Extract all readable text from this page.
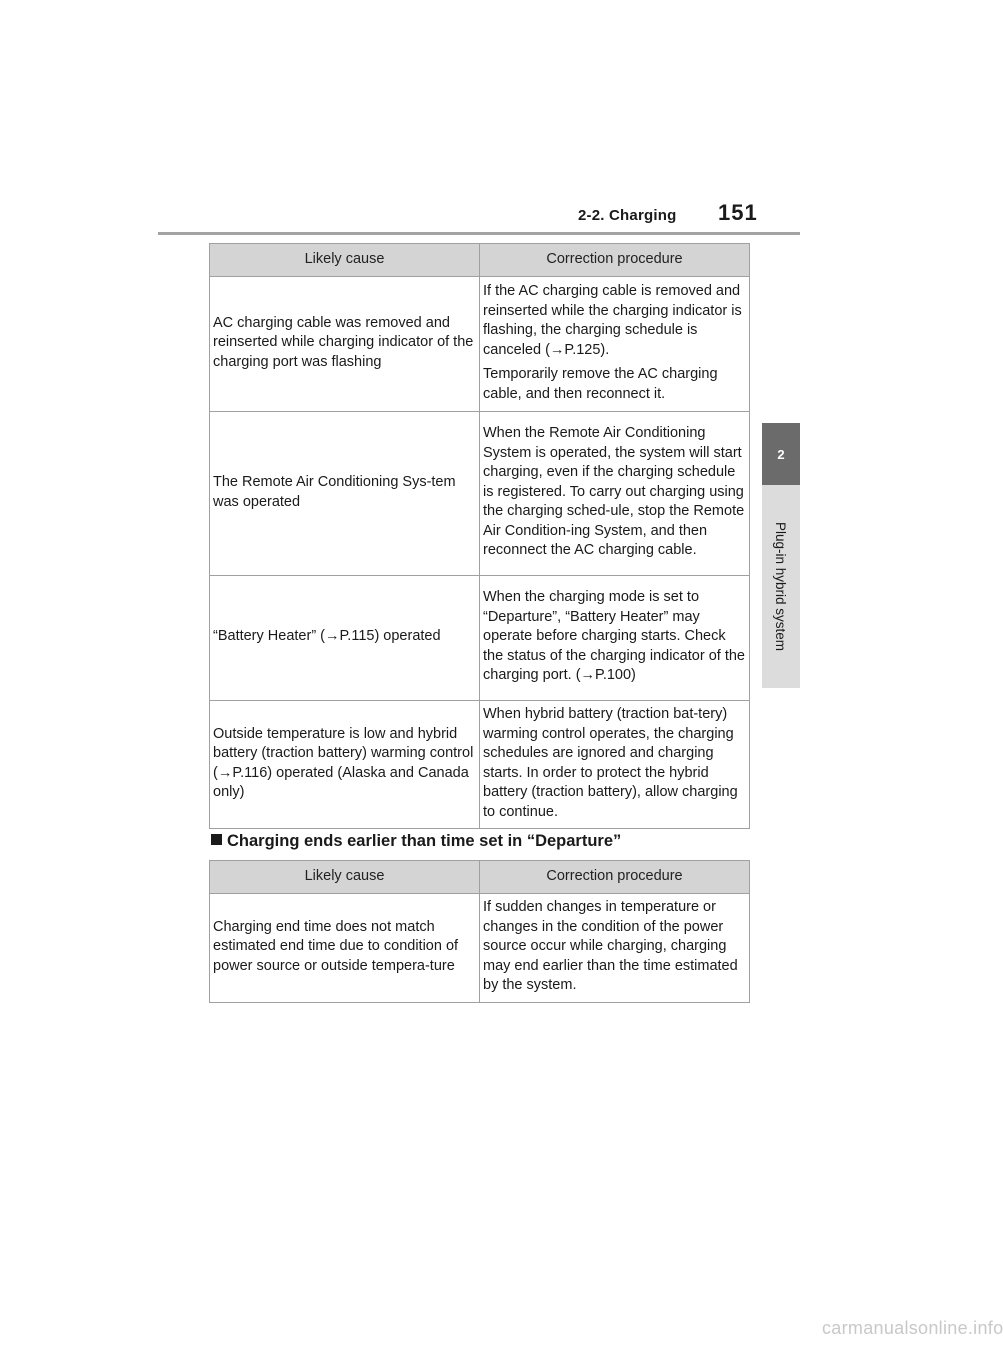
2-2. Charging 151
2
Plug-in hybrid system
Likely cause	Correction procedure
AC charging cable was removed and reinserted while charging indicator of the charging port was flashing	If the AC charging cable is removed and reinserted while the charging indicator is flashing, the charging schedule is canceled (→P.125).

Temporarily remove the AC charging cable, and then reconnect it.

The Remote Air Conditioning Sys-tem was operated	When the Remote Air Conditioning System is operated, the system will start charging, even if the charging schedule is registered. To carry out charging using the charging sched-ule, stop the Remote Air Condition-ing System, and then reconnect the AC charging cable.

“Battery Heater” (→P.115) operated	When the charging mode is set to “Departure”, “Battery Heater” may operate before charging starts. Check the status of the charging indicator of the charging port. (→P.100)

Outside temperature is low and hybrid battery (traction battery) warming control (→P.116) operated (Alaska and Canada only)	When hybrid battery (traction bat-tery) warming control operates, the charging schedules are ignored and charging starts. In order to protect the hybrid battery (traction battery), allow charging to continue.

Charging ends earlier than time set in “Departure”
Likely cause	Correction procedure
Charging end time does not match estimated end time due to condition of power source or outside tempera-ture	If sudden changes in temperature or changes in the condition of the power source occur while charging, charging may end earlier than the time estimated by the system.

carmanualsonline.info
